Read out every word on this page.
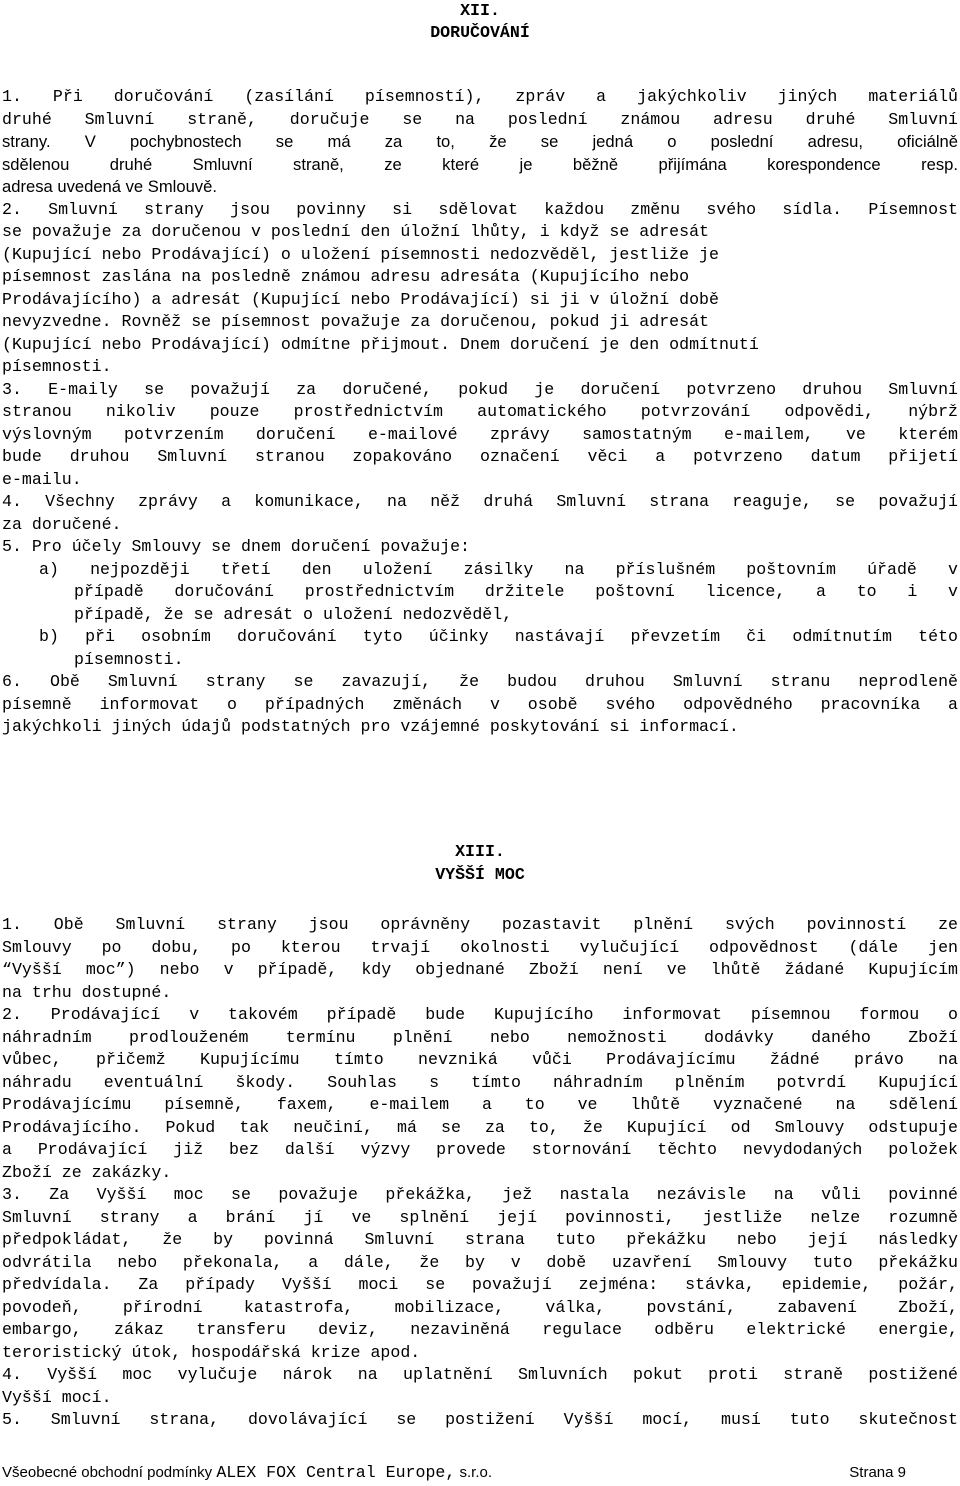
XII.
DORUČOVÁNÍ
1. Při doručování (zasílání písemností), zpráv a jakýchkoliv jiných materiálů
druhé Smluvní straně, doručuje se na poslední známou adresu druhé Smluvní
strany. V pochybnostech se má za to, že se jedná o poslední adresu, oficiálně
sdělenou druhé Smluvní straně, ze které je běžně přijímána korespondence resp.
adresa uvedená ve Smlouvě.
2. Smluvní strany jsou povinny si sdělovat každou změnu svého sídla. Písemnost
se považuje za doručenou v poslední den úložní lhůty, i když se adresát
(Kupující nebo Prodávající) o uložení písemnosti nedozvěděl, jestliže je
písemnost zaslána na posledně známou adresu adresáta (Kupujícího nebo
Prodávajícího) a adresát (Kupující nebo Prodávající) si ji v úložní době
nevyzvedne. Rovněž se písemnost považuje za doručenou, pokud ji adresát
(Kupující nebo Prodávající) odmítne přijmout. Dnem doručení je den odmítnutí
písemnosti.
3. E-maily se považují za doručené, pokud je doručení potvrzeno druhou Smluvní
stranou nikoliv pouze prostřednictvím automatického potvrzování odpovědi, nýbrž
výslovným potvrzením doručení e-mailové zprávy samostatným e-mailem, ve kterém
bude druhou Smluvní stranou zopakováno označení věci a potvrzeno datum přijetí
e-mailu.
4. Všechny zprávy a komunikace, na něž druhá Smluvní strana reaguje, se považují
za doručené.
5. Pro účely Smlouvy se dnem doručení považuje:
a) nejpozději třetí den uložení zásilky na příslušném poštovním úřadě v
případě doručování prostřednictvím držitele poštovní licence, a to i v
případě, že se adresát o uložení nedozvěděl,
b) při osobním doručování tyto účinky nastávají převzetím či odmítnutím této
písemnosti.
6. Obě Smluvní strany se zavazují, že budou druhou Smluvní stranu neprodleně
písemně informovat o případných změnách v osobě svého odpovědného pracovníka a
jakýchkoli jiných údajů podstatných pro vzájemné poskytování si informací.
XIII.
VYŠŠÍ MOC
1. Obě Smluvní strany jsou oprávněny pozastavit plnění svých povinností ze
Smlouvy po dobu, po kterou trvají okolnosti vylučující odpovědnost (dále jen
“Vyšší moc”) nebo v případě, kdy objednané Zboží není ve lhůtě žádané Kupujícím
na trhu dostupné.
2. Prodávající v takovém případě bude Kupujícího informovat písemnou formou o
náhradním prodlouženém termínu plnění nebo nemožnosti dodávky daného Zboží
vůbec, přičemž Kupujícímu tímto nevzniká vůči Prodávajícímu žádné právo na
náhradu eventuální škody. Souhlas s tímto náhradním plněním potvrdí Kupující
Prodávajícímu písemně, faxem, e-mailem a to ve lhůtě vyznačené na sdělení
Prodávajícího. Pokud tak neučiní, má se za to, že Kupující od Smlouvy odstupuje
a Prodávající již bez další výzvy provede stornování těchto nevydodaných položek
Zboží ze zakázky.
3. Za Vyšší moc se považuje překážka, jež nastala nezávisle na vůli povinné
Smluvní strany a brání jí ve splnění její povinnosti, jestliže nelze rozumně
předpokládat, že by povinná Smluvní strana tuto překážku nebo její následky
odvrátila nebo překonala, a dále, že by v době uzavření Smlouvy tuto překážku
předvídala. Za případy Vyšší moci se považují zejména: stávka, epidemie, požár,
povodeň, přírodní katastrofa, mobilizace, válka, povstání, zabavení Zboží,
embargo, zákaz transferu deviz, nezaviněná regulace odběru elektrické energie,
teroristický útok, hospodářská krize apod.
4. Vyšší moc vylučuje nárok na uplatnění Smluvních pokut proti straně postižené
Vyšší mocí.
5. Smluvní strana, dovolávající se postižení Vyšší mocí, musí tuto skutečnost
Všeobecné obchodní podmínky ALEX FOX Central Europe, s.r.o.	Strana 9
